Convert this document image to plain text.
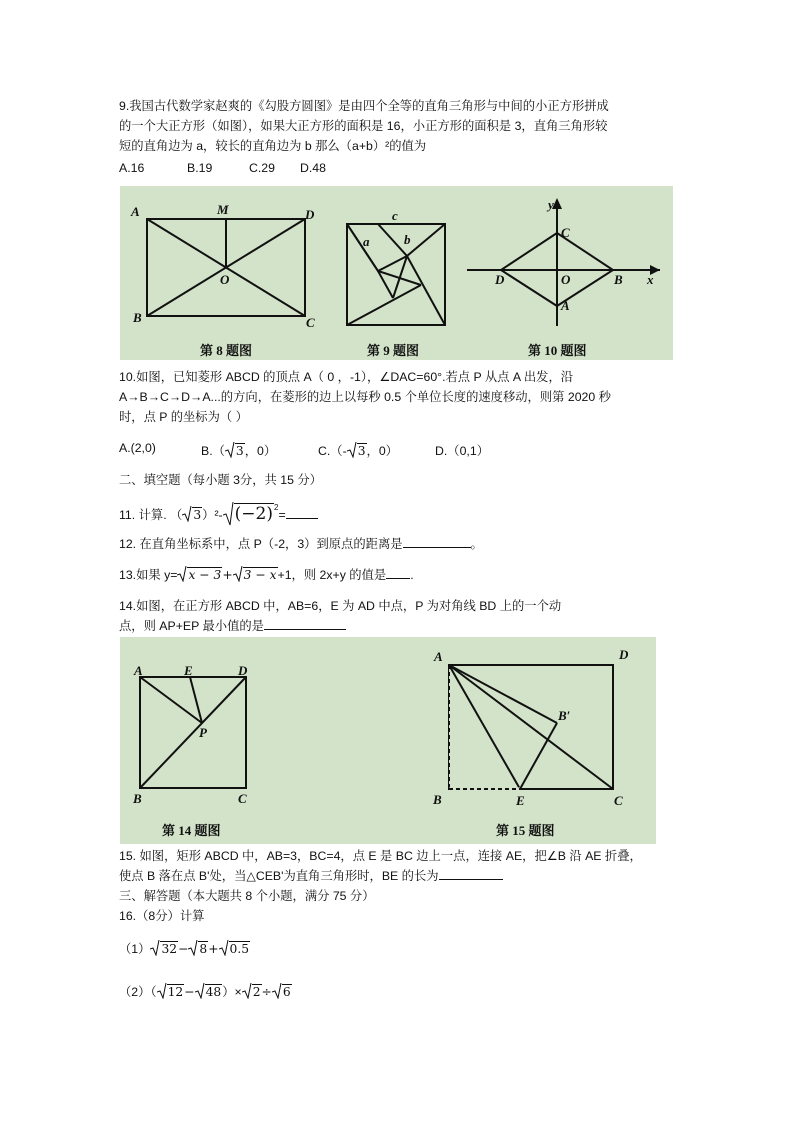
9.我国古代数学家赵爽的《勾股方圆图》是由四个全等的直角三角形与中间的小正方形拼成
的一个大正方形（如图），如果大正方形的面积是 16，小正方形的面积是 3，直角三角形较
短的直角边为 a，较长的直角边为 b 那么（a+b）²的值为
A.16	B.19	C.29 D.48
A	M	D
O
B	C
第 8 题图
c
a	b
第 9 题图
y
x
C
D	O	B
A
第 10 题图
10.如图，已知菱形 ABCD 的顶点 A（ 0 ，-1），∠DAC=60°.若点 P 从点 A 出发，沿
A→B→C→D→A...的方向，在菱形的边上以每秒 0.5 个单位长度的速度移动，则第 2020 秒
时，点 P 的坐标为（ ）
A.(2,0)	B.（ 3，0）	C.（- 3，0）	D.（0,1）
二、填空题（每小题 3分，共 15 分）
11. 计算. （ 3）²- $(-2)^2=$
12. 在直角坐标系中，点 P（-2，3）到原点的距离是	。
13.如果 y= x − 3+ 3 − x+1，则 2x+y 的值是 .
14.如图，在正方形 ABCD 中，AB=6，E 为 AD 中点，P 为对角线 BD 上的一个动
点，则 AP+EP 最小值的是
A	E	D
P
B	C
第 14 题图
A	D
B′
B	E	C
第 15 题图
15. 如图，矩形 ABCD 中，AB=3，BC=4，点 E 是 BC 边上一点，连接 AE，把∠B 沿 AE 折叠，
使点 B 落在点 B'处，当△CEB'为直角三角形时，BE 的长为
三、解答题（本大题共 8 个小题，满分 75 分）
16.（8分）计算
（1） 32− 8+ 0.5
（2）（ 12− 48）× 2÷ 6
